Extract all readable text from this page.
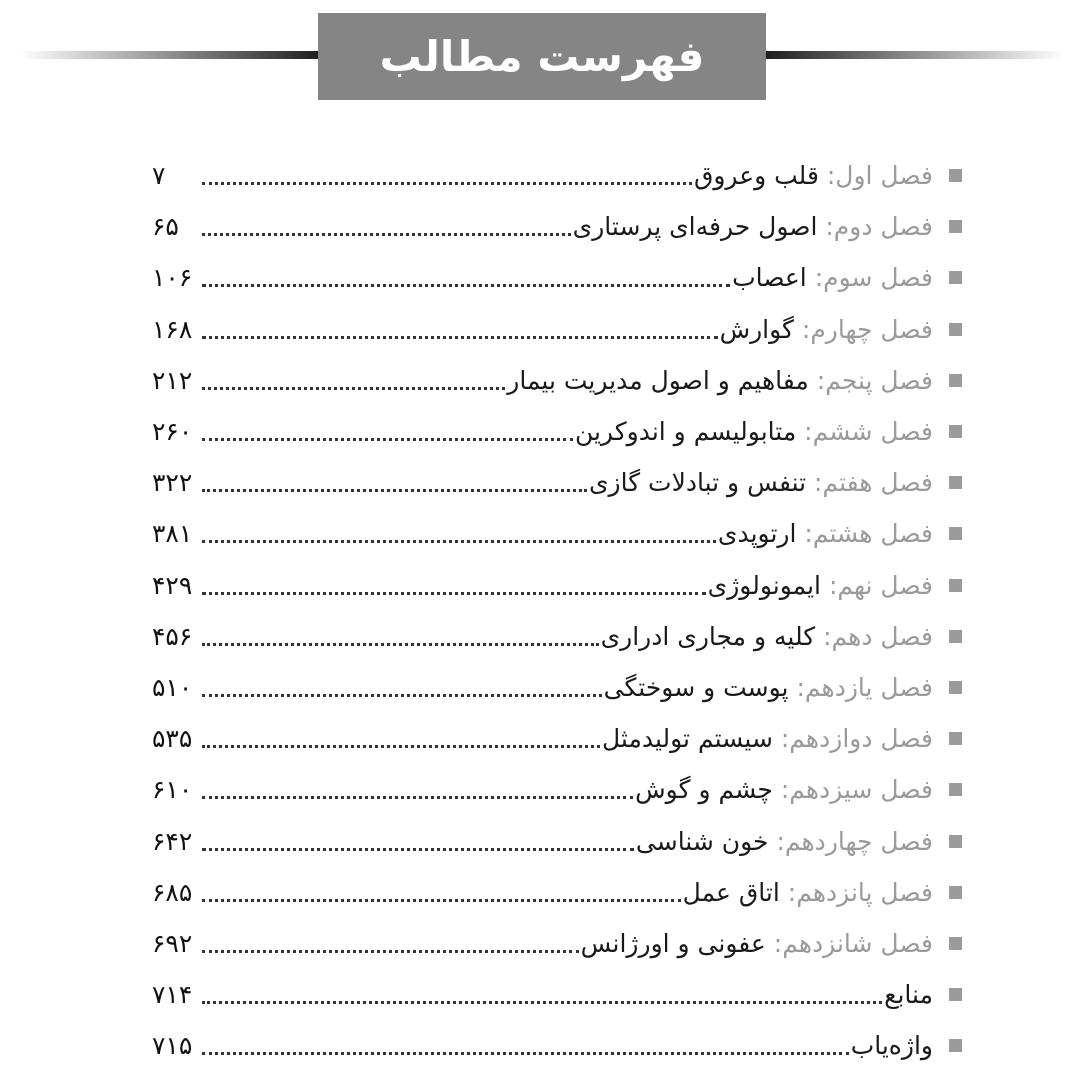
فهرست مطالب
فصل اول: قلب وعروق
۷
فصل دوم: اصول حرفه‌ای پرستاری
۶۵
فصل سوم: اعصاب
۱۰۶
فصل چهارم: گوارش
۱۶۸
فصل پنجم: مفاهیم و اصول مدیریت بیمار
۲۱۲
فصل ششم: متابولیسم و اندوکرین
۲۶۰
فصل هفتم: تنفس و تبادلات گازی
۳۲۲
فصل هشتم: ارتوپدی
۳۸۱
فصل نهم: ایمونولوژی
۴۲۹
فصل دهم: کلیه و مجاری ادراری
۴۵۶
فصل یازدهم: پوست و سوختگی
۵۱۰
فصل دوازدهم: سیستم تولیدمثل
۵۳۵
فصل سیزدهم: چشم و گوش
۶۱۰
فصل چهاردهم: خون شناسی
۶۴۲
فصل پانزدهم: اتاق عمل
۶۸۵
فصل شانزدهم: عفونی و اورژانس
۶۹۲
منابع
۷۱۴
واژه‌یاب
۷۱۵
